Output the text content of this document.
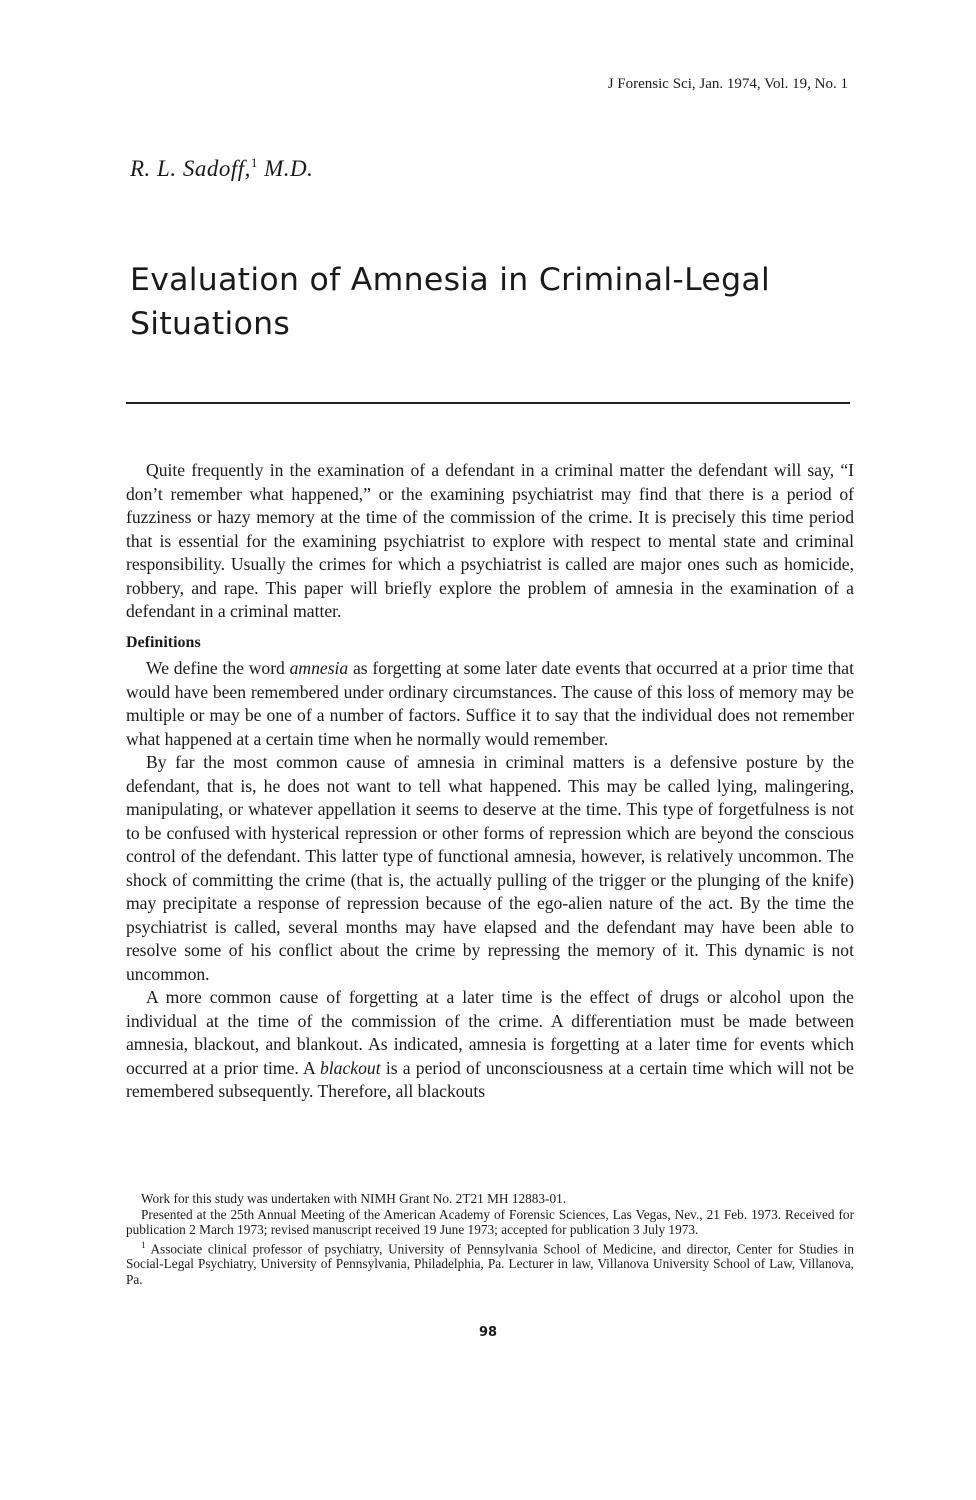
J Forensic Sci, Jan. 1974, Vol. 19, No. 1
R. L. Sadoff,$^1$ M.D.
Evaluation of Amnesia in Criminal-Legal Situations

Quite frequently in the examination of a defendant in a criminal matter the defendant will say, “I don’t remember what happened,” or the examining psychiatrist may find that there is a period of fuzziness or hazy memory at the time of the commission of the crime. It is precisely this time period that is essential for the examining psychiatrist to explore with respect to mental state and criminal responsibility. Usually the crimes for which a psychiatrist is called are major ones such as homicide, robbery, and rape. This paper will briefly explore the problem of amnesia in the examination of a defendant in a criminal matter.

Definitions

We define the word amnesia as forgetting at some later date events that occurred at a prior time that would have been remembered under ordinary circumstances. The cause of this loss of memory may be multiple or may be one of a number of factors. Suffice it to say that the individual does not remember what happened at a certain time when he normally would remember.

By far the most common cause of amnesia in criminal matters is a defensive posture by the defendant, that is, he does not want to tell what happened. This may be called lying, malingering, manipulating, or whatever appellation it seems to deserve at the time. This type of forgetfulness is not to be confused with hysterical repression or other forms of repression which are beyond the conscious control of the defendant. This latter type of functional amnesia, however, is relatively uncommon. The shock of committing the crime (that is, the actually pulling of the trigger or the plunging of the knife) may precipitate a response of repression because of the ego-alien nature of the act. By the time the psychiatrist is called, several months may have elapsed and the defendant may have been able to resolve some of his conflict about the crime by repressing the memory of it. This dynamic is not uncommon.

A more common cause of forgetting at a later time is the effect of drugs or alcohol upon the individual at the time of the commission of the crime. A differentiation must be made between amnesia, blackout, and blankout. As indicated, amnesia is forgetting at a later time for events which occurred at a prior time. A blackout is a period of unconsciousness at a certain time which will not be remembered subsequently. Therefore, all blackouts

Work for this study was undertaken with NIMH Grant No. 2T21 MH 12883-01.

Presented at the 25th Annual Meeting of the American Academy of Forensic Sciences, Las Vegas, Nev., 21 Feb. 1973. Received for publication 2 March 1973; revised manuscript received 19 June 1973; accepted for publication 3 July 1973.

$^1$ Associate clinical professor of psychiatry, University of Pennsylvania School of Medicine, and director, Center for Studies in Social-Legal Psychiatry, University of Pennsylvania, Philadelphia, Pa. Lecturer in law, Villanova University School of Law, Villanova, Pa.

98
